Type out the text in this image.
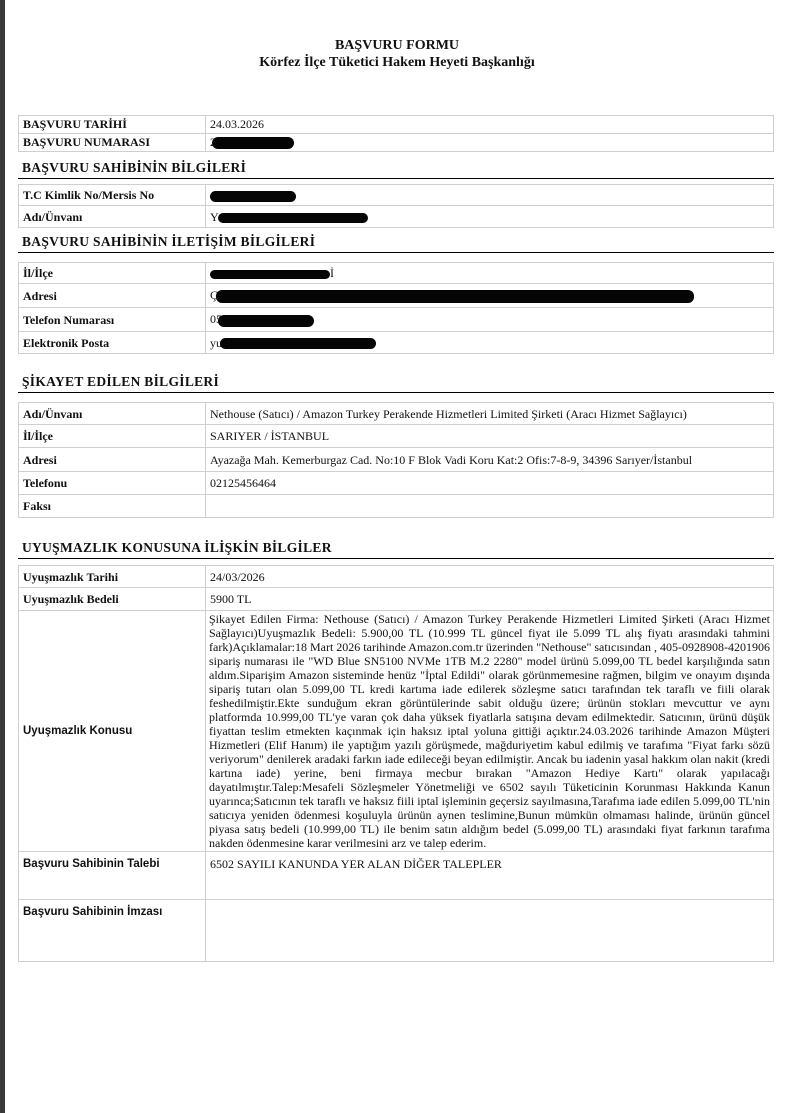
BAŞVURU FORMU
Körfez İlçe Tüketici Hakem Heyeti Başkanlığı
BAŞVURU TARİHİ	24.03.2026
BAŞVURU NUMARASI	2
BAŞVURU SAHİBİNİN BİLGİLERİ
T.C Kimlik No/Mersis No	
Adı/Ünvanı	Y
BAŞVURU SAHİBİNİN İLETİŞİM BİLGİLERİ
İl/İlçe	İ
Adresi	Ç
Telefon Numarası	05
Elektronik Posta	yu
ŞİKAYET EDİLEN BİLGİLERİ
Adı/Ünvanı	Nethouse (Satıcı) / Amazon Turkey Perakende Hizmetleri Limited Şirketi (Aracı Hizmet Sağlayıcı)
İl/İlçe	SARIYER / İSTANBUL
Adresi	Ayazağa Mah. Kemerburgaz Cad. No:10 F Blok Vadi Koru Kat:2 Ofis:7-8-9, 34396 Sarıyer/İstanbul
Telefonu	02125456464
Faksı	
UYUŞMAZLIK KONUSUNA İLİŞKİN BİLGİLER
Uyuşmazlık Tarihi	24/03/2026
Uyuşmazlık Bedeli	5900 TL
Uyuşmazlık Konusu	Şikayet Edilen Firma: Nethouse (Satıcı) / Amazon Turkey Perakende Hizmetleri Limited Şirketi (Aracı Hizmet Sağlayıcı)Uyuşmazlık Bedeli: 5.900,00 TL (10.999 TL güncel fiyat ile 5.099 TL alış fiyatı arasındaki tahmini fark)Açıklamalar:18 Mart 2026 tarihinde Amazon.com.tr üzerinden "Nethouse" satıcısından , 405-0928908-4201906 sipariş numarası ile "WD Blue SN5100 NVMe 1TB M.2 2280" model ürünü 5.099,00 TL bedel karşılığında satın aldım.Siparişim Amazon sisteminde henüz "İptal Edildi" olarak görünmemesine rağmen, bilgim ve onayım dışında sipariş tutarı olan 5.099,00 TL kredi kartıma iade edilerek sözleşme satıcı tarafından tek taraflı ve fiili olarak feshedilmiştir.Ekte sunduğum ekran görüntülerinde sabit olduğu üzere; ürünün stokları mevcuttur ve aynı platformda 10.999,00 TL'ye varan çok daha yüksek fiyatlarla satışına devam edilmektedir. Satıcının, ürünü düşük fiyattan teslim etmekten kaçınmak için haksız iptal yoluna gittiği açıktır.24.03.2026 tarihinde Amazon Müşteri Hizmetleri (Elif Hanım) ile yaptığım yazılı görüşmede, mağduriyetim kabul edilmiş ve tarafıma "Fiyat farkı sözü veriyorum" denilerek aradaki farkın iade edileceği beyan edilmiştir. Ancak bu iadenin yasal hakkım olan nakit (kredi kartına iade) yerine, beni firmaya mecbur bırakan "Amazon Hediye Kartı" olarak yapılacağı dayatılmıştır.Talep:Mesafeli Sözleşmeler Yönetmeliği ve 6502 sayılı Tüketicinin Korunması Hakkında Kanun uyarınca;Satıcının tek taraflı ve haksız fiili iptal işleminin geçersiz sayılmasına,Tarafıma iade edilen 5.099,00 TL'nin satıcıya yeniden ödenmesi koşuluyla ürünün aynen teslimine,Bunun mümkün olmaması halinde, ürünün güncel piyasa satış bedeli (10.999,00 TL) ile benim satın aldığım bedel (5.099,00 TL) arasındaki fiyat farkının tarafıma nakden ödenmesine karar verilmesini arz ve talep ederim.
Başvuru Sahibinin Talebi	6502 SAYILI KANUNDA YER ALAN DİĞER TALEPLER
Başvuru Sahibinin İmzası	
